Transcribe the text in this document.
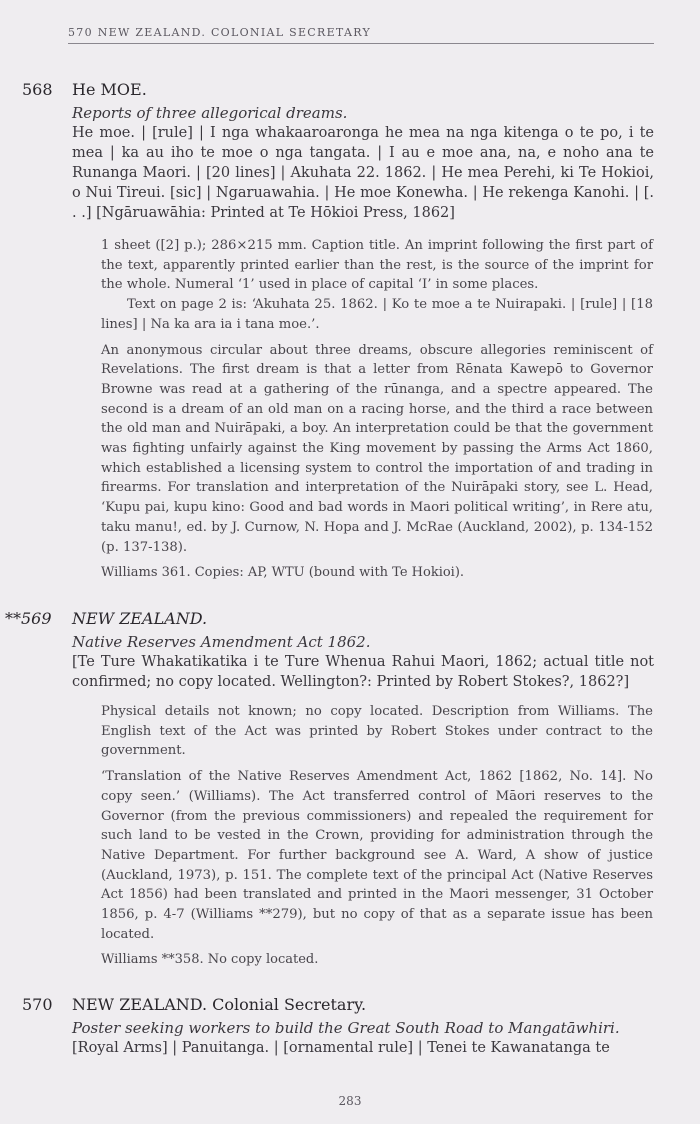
570 NEW ZEALAND. COLONIAL SECRETARY
568 He MOE.
Reports of three allegorical dreams.

He moe. | [rule] | I nga whakaaroaronga he mea na nga kitenga o te po, i te mea | ka au iho te moe o nga tangata. | I au e moe ana, na, e noho ana te Runanga Maori. | [20 lines] | Akuhata 22. 1862. | He mea Perehi, ki Te Hokioi, o Nui Tireui. [sic] | Ngaruawahia. | He moe Konewha. | He rekenga Kanohi. | [. . .] [Ngāruawāhia: Printed at Te Hōkioi Press, 1862]

1 sheet ([2] p.); 286×215 mm. Caption title. An imprint following the first part of the text, apparently printed earlier than the rest, is the source of the imprint for the whole. Numeral ‘1’ used in place of capital ‘I’ in some places.

Text on page 2 is: ‘Akuhata 25. 1862. | Ko te moe a te Nuirapaki. | [rule] | [18 lines] | Na ka ara ia i tana moe.’.

An anonymous circular about three dreams, obscure allegories reminiscent of Revelations. The first dream is that a letter from Rēnata Kawepō to Governor Browne was read at a gathering of the rūnanga, and a spectre appeared. The second is a dream of an old man on a racing horse, and the third a race between the old man and Nuirāpaki, a boy. An interpretation could be that the government was fighting unfairly against the King movement by passing the Arms Act 1860, which established a licensing system to control the importation of and trading in firearms. For translation and interpretation of the Nuirāpaki story, see L. Head, ‘Kupu pai, kupu kino: Good and bad words in Maori political writing’, in Rere atu, taku manu!, ed. by J. Curnow, N. Hopa and J. McRae (Auckland, 2002), p. 134-152 (p. 137-138).

Williams 361. Copies: AP, WTU (bound with Te Hokioi).

**569 NEW ZEALAND.
Native Reserves Amendment Act 1862.

[Te Ture Whakatikatika i te Ture Whenua Rahui Maori, 1862; actual title not confirmed; no copy located. Wellington?: Printed by Robert Stokes?, 1862?]

Physical details not known; no copy located. Description from Williams. The English text of the Act was printed by Robert Stokes under contract to the government.

‘Translation of the Native Reserves Amendment Act, 1862 [1862, No. 14]. No copy seen.’ (Williams). The Act transferred control of Māori reserves to the Governor (from the previous commissioners) and repealed the requirement for such land to be vested in the Crown, providing for administration through the Native Department. For further background see A. Ward, A show of justice (Auckland, 1973), p. 151. The complete text of the principal Act (Native Reserves Act 1856) had been translated and printed in the Maori messenger, 31 October 1856, p. 4-7 (Williams **279), but no copy of that as a separate issue has been located.

Williams **358. No copy located.

570 NEW ZEALAND. Colonial Secretary.
Poster seeking workers to build the Great South Road to Mangatāwhiri.

[Royal Arms] | Panuitanga. | [ornamental rule] | Tenei te Kawanatanga te

283
